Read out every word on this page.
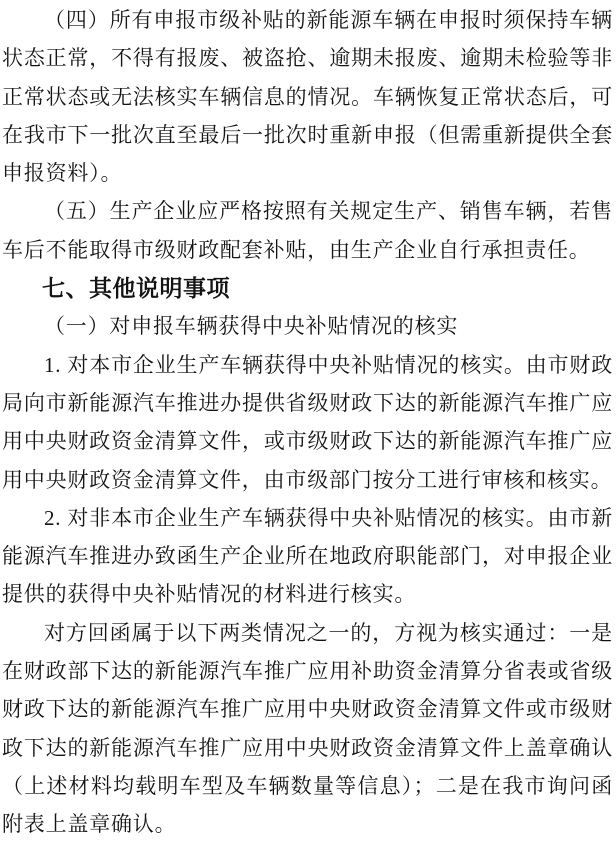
（四）所有申报市级补贴的新能源车辆在申报时须保持车辆状态正常，不得有报废、被盗抢、逾期未报废、逾期未检验等非正常状态或无法核实车辆信息的情况。车辆恢复正常状态后，可在我市下一批次直至最后一批次时重新申报（但需重新提供全套申报资料）。

（五）生产企业应严格按照有关规定生产、销售车辆，若售车后不能取得市级财政配套补贴，由生产企业自行承担责任。

七、其他说明事项

（一）对申报车辆获得中央补贴情况的核实

1. 对本市企业生产车辆获得中央补贴情况的核实。由市财政局向市新能源汽车推进办提供省级财政下达的新能源汽车推广应用中央财政资金清算文件，或市级财政下达的新能源汽车推广应用中央财政资金清算文件，由市级部门按分工进行审核和核实。

2. 对非本市企业生产车辆获得中央补贴情况的核实。由市新能源汽车推进办致函生产企业所在地政府职能部门，对申报企业提供的获得中央补贴情况的材料进行核实。

对方回函属于以下两类情况之一的，方视为核实通过：一是在财政部下达的新能源汽车推广应用补助资金清算分省表或省级财政下达的新能源汽车推广应用中央财政资金清算文件或市级财政下达的新能源汽车推广应用中央财政资金清算文件上盖章确认（上述材料均载明车型及车辆数量等信息）；二是在我市询问函附表上盖章确认。
